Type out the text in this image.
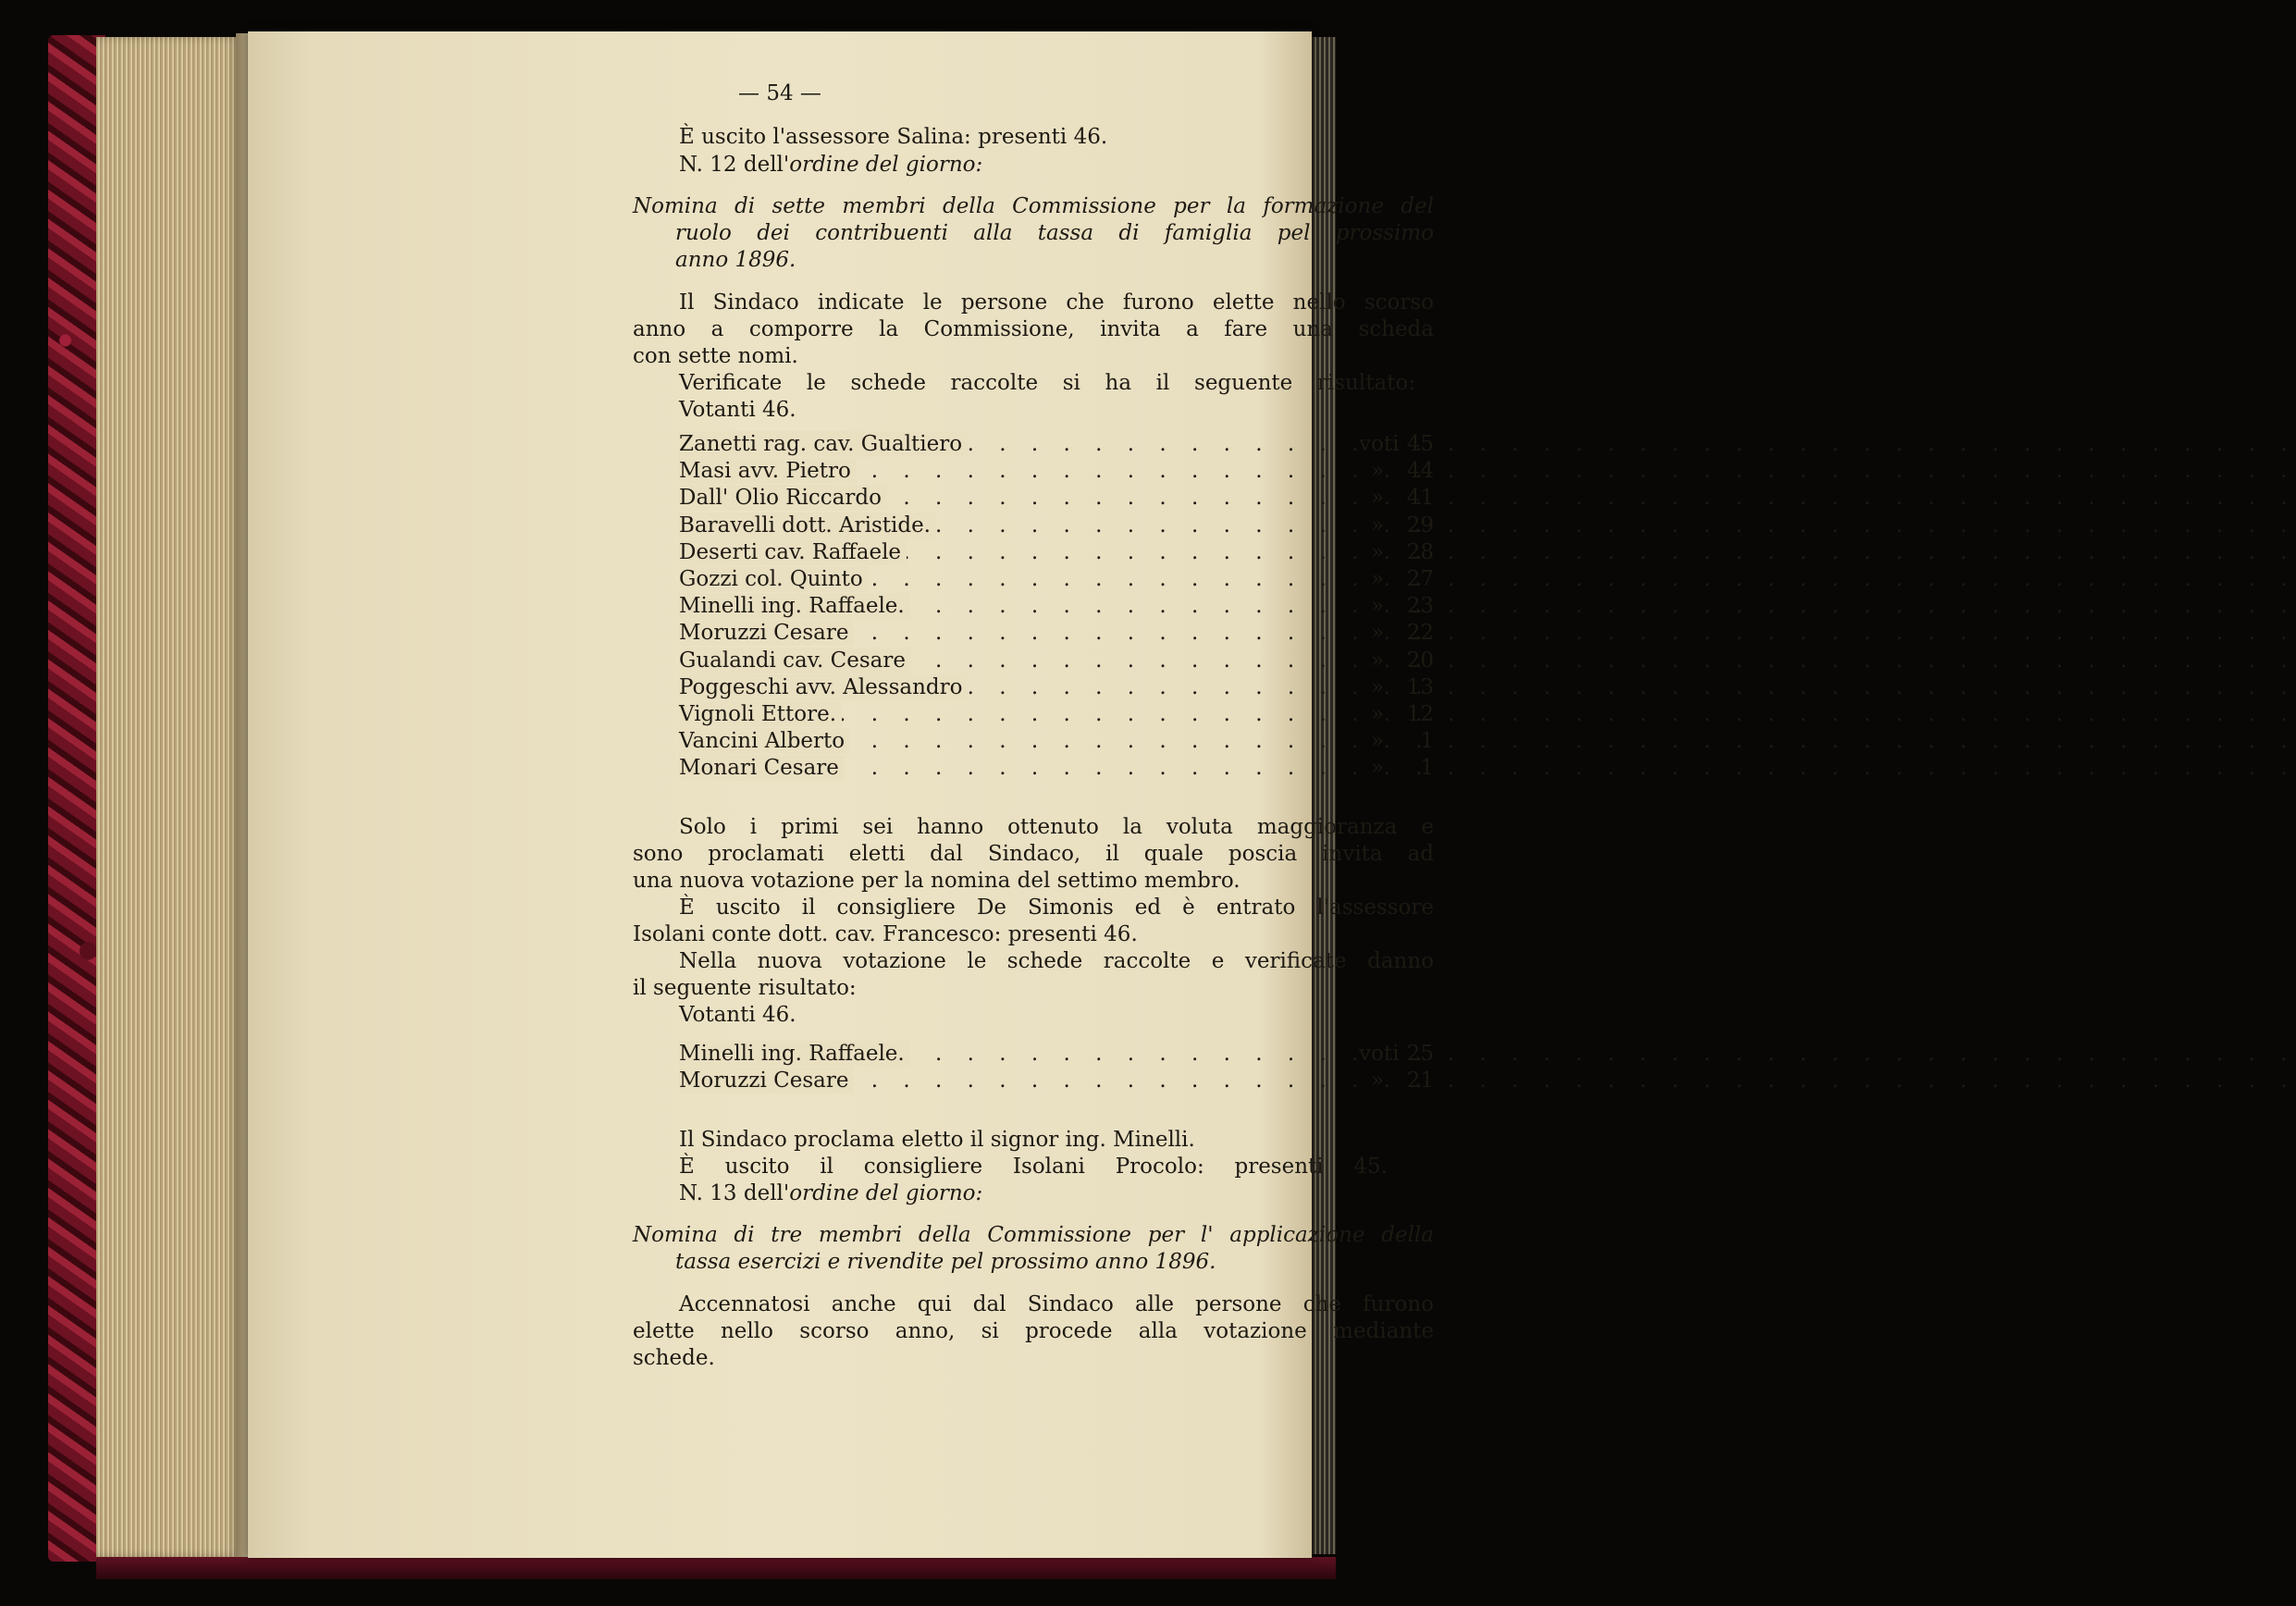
— 54 —
È uscito l'assessore Salina: presenti 46.
N. 12 dell'ordine del giorno:
Nomina di sette membri della Commissione per la formazione del
ruolo dei contribuenti alla tassa di famiglia pel prossimo
anno 1896.
Il Sindaco indicate le persone che furono elette nello scorso
anno a comporre la Commissione, invita a fare una scheda
con sette nomi.
Verificate le schede raccolte si ha il seguente risultato:
Votanti 46.
. . .
Zanetti rag. cav. Gualtiero	voti 45
. . .
Masi avv. Pietro	»	44
. . .
Dall' Olio Riccardo	»	41
. . .
Baravelli dott. Aristide.	»	29
. . .
Deserti cav. Raffaele	»	28
. . .
Gozzi col. Quinto	»	27
. . .
Minelli ing. Raffaele.	»	23
. . .
Moruzzi Cesare	»	22
. . .
Gualandi cav. Cesare	»	20
. . .
Poggeschi avv. Alessandro	»	13
. . .
Vignoli Ettore.	»	12
. . .
Vancini Alberto	»	1
. . .
Monari Cesare	»	1
Solo i primi sei hanno ottenuto la voluta maggioranza e
sono proclamati eletti dal Sindaco, il quale poscia invita ad
una nuova votazione per la nomina del settimo membro.
È uscito il consigliere De Simonis ed è entrato l'assessore
Isolani conte dott. cav. Francesco: presenti 46.
Nella nuova votazione le schede raccolte e verificate danno
il seguente risultato:
Votanti 46.
. . .
Minelli ing. Raffaele.	voti 25
. . .
Moruzzi Cesare	»	21
Il Sindaco proclama eletto il signor ing. Minelli.
È uscito il consigliere Isolani Procolo: presenti 45.
N. 13 dell'ordine del giorno:
Nomina di tre membri della Commissione per l' applicazione della
tassa esercizi e rivendite pel prossimo anno 1896.
Accennatosi anche qui dal Sindaco alle persone che furono
elette nello scorso anno, si procede alla votazione mediante
schede.
